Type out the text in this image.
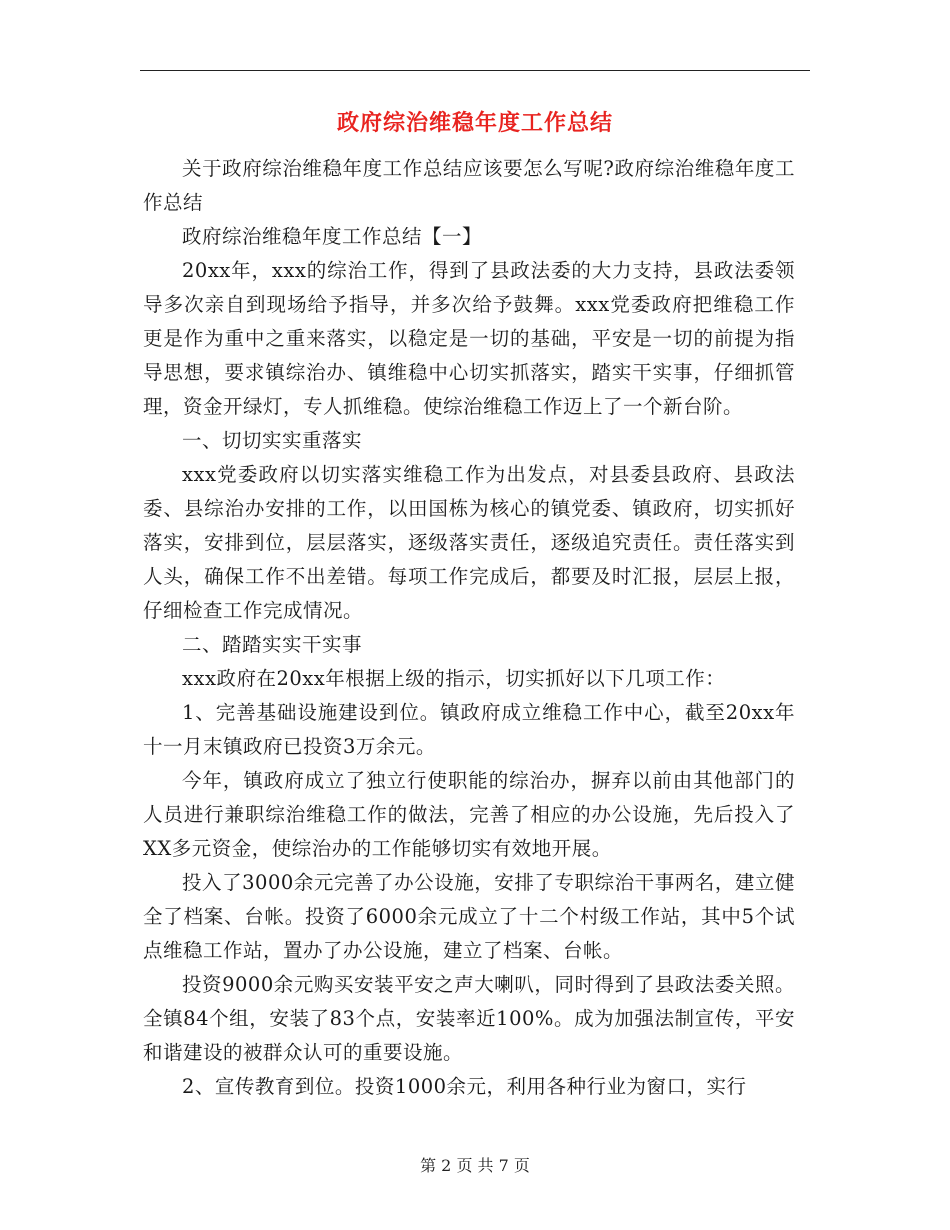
政府综治维稳年度工作总结

关于政府综治维稳年度工作总结应该要怎么写呢?政府综治维稳年度工作总结

政府综治维稳年度工作总结【一】

20xx年，xxx的综治工作，得到了县政法委的大力支持，县政法委领导多次亲自到现场给予指导，并多次给予鼓舞。xxx党委政府把维稳工作更是作为重中之重来落实，以稳定是一切的基础，平安是一切的前提为指导思想，要求镇综治办、镇维稳中心切实抓落实，踏实干实事，仔细抓管理，资金开绿灯，专人抓维稳。使综治维稳工作迈上了一个新台阶。

一、切切实实重落实

xxx党委政府以切实落实维稳工作为出发点，对县委县政府、县政法委、县综治办安排的工作，以田国栋为核心的镇党委、镇政府，切实抓好落实，安排到位，层层落实，逐级落实责任，逐级追究责任。责任落实到人头，确保工作不出差错。每项工作完成后，都要及时汇报，层层上报，仔细检查工作完成情况。

二、踏踏实实干实事

xxx政府在20xx年根据上级的指示，切实抓好以下几项工作：

1、完善基础设施建设到位。镇政府成立维稳工作中心，截至20xx年十一月末镇政府已投资3万余元。

今年，镇政府成立了独立行使职能的综治办，摒弃以前由其他部门的人员进行兼职综治维稳工作的做法，完善了相应的办公设施，先后投入了XX多元资金，使综治办的工作能够切实有效地开展。

投入了3000余元完善了办公设施，安排了专职综治干事两名，建立健全了档案、台帐。投资了6000余元成立了十二个村级工作站，其中5个试点维稳工作站，置办了办公设施，建立了档案、台帐。

投资9000余元购买安装平安之声大喇叭，同时得到了县政法委关照。全镇84个组，安装了83个点，安装率近100%。成为加强法制宣传，平安和谐建设的被群众认可的重要设施。

2、宣传教育到位。投资1000余元，利用各种行业为窗口，实行

第 2 页 共 7 页
